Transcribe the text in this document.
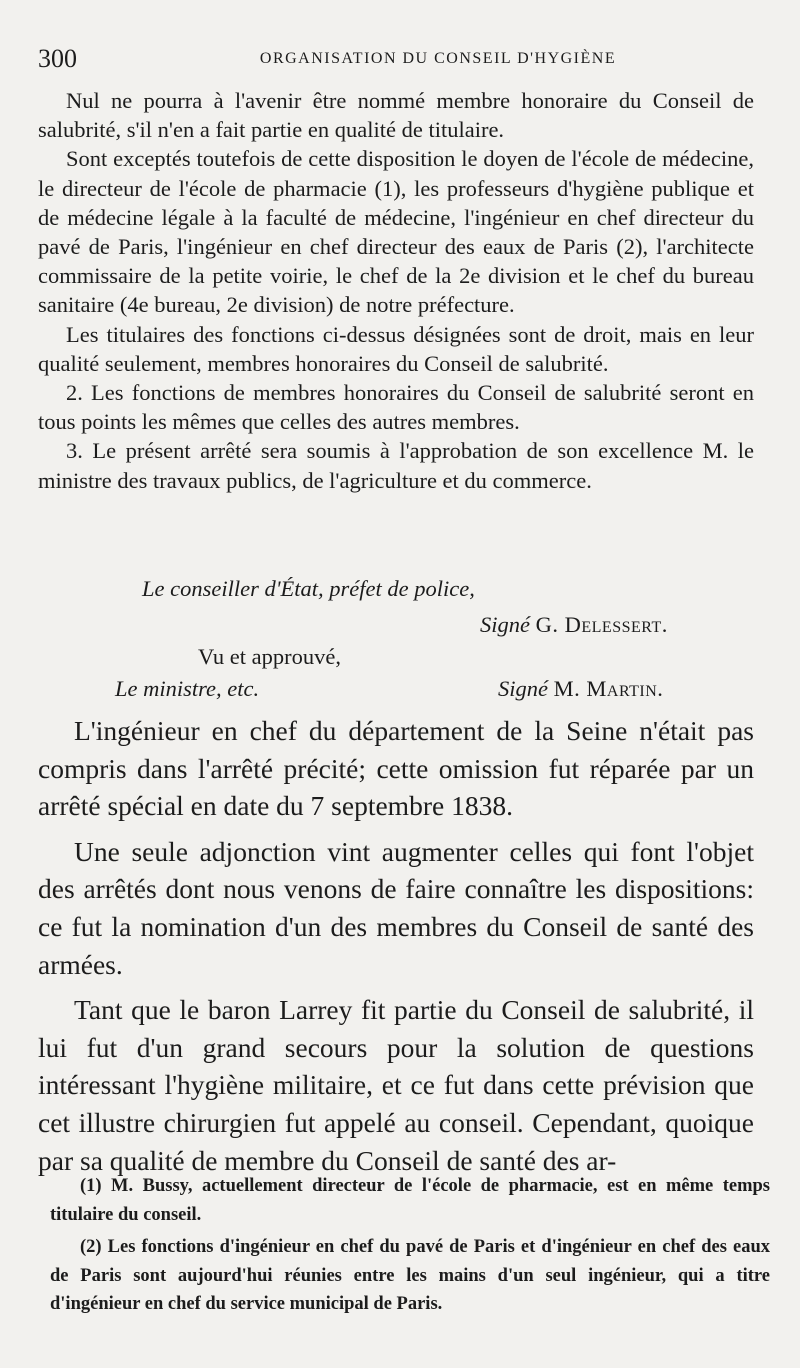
300	ORGANISATION DU CONSEIL D'HYGIÈNE

Nul ne pourra à l'avenir être nommé membre honoraire du Conseil de salubrité, s'il n'en a fait partie en qualité de titulaire.

Sont exceptés toutefois de cette disposition le doyen de l'école de médecine, le directeur de l'école de pharmacie (1), les professeurs d'hygiène publique et de médecine légale à la faculté de médecine, l'ingénieur en chef directeur du pavé de Paris, l'ingénieur en chef directeur des eaux de Paris (2), l'architecte commissaire de la petite voirie, le chef de la 2e division et le chef du bureau sanitaire (4e bureau, 2e division) de notre préfecture.

Les titulaires des fonctions ci-dessus désignées sont de droit, mais en leur qualité seulement, membres honoraires du Conseil de salubrité.

2. Les fonctions de membres honoraires du Conseil de salubrité seront en tous points les mêmes que celles des autres membres.

3. Le présent arrêté sera soumis à l'approbation de son excellence M. le ministre des travaux publics, de l'agriculture et du commerce.

Le conseiller d'État, préfet de police,
Signé G. Delessert.
Vu et approuvé,
Le ministre, etc.	Signé M. Martin.

L'ingénieur en chef du département de la Seine n'était pas compris dans l'arrêté précité; cette omission fut réparée par un arrêté spécial en date du 7 septembre 1838.

Une seule adjonction vint augmenter celles qui font l'objet des arrêtés dont nous venons de faire connaître les dispositions: ce fut la nomination d'un des membres du Conseil de santé des armées.

Tant que le baron Larrey fit partie du Conseil de salubrité, il lui fut d'un grand secours pour la solution de questions intéressant l'hygiène militaire, et ce fut dans cette prévision que cet illustre chirurgien fut appelé au conseil. Cependant, quoique par sa qualité de membre du Conseil de santé des ar-

(1) M. Bussy, actuellement directeur de l'école de pharmacie, est en même temps titulaire du conseil.

(2) Les fonctions d'ingénieur en chef du pavé de Paris et d'ingénieur en chef des eaux de Paris sont aujourd'hui réunies entre les mains d'un seul ingénieur, qui a titre d'ingénieur en chef du service municipal de Paris.
